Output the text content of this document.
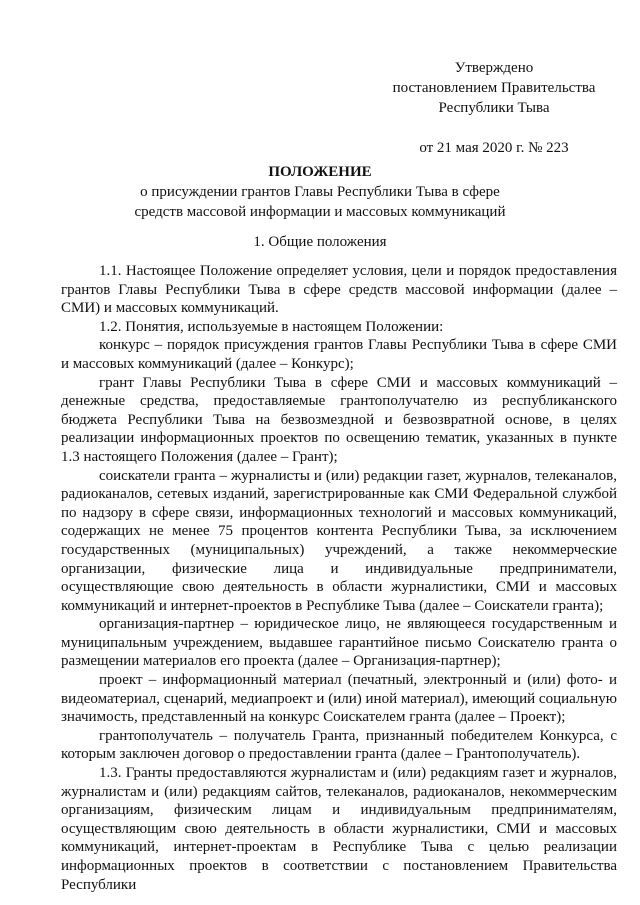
Утверждено
постановлением Правительства
Республики Тыва
от 21 мая 2020 г. № 223
ПОЛОЖЕНИЕ
о присуждении грантов Главы Республики Тыва в сфере
средств массовой информации и массовых коммуникаций
1. Общие положения

1.1. Настоящее Положение определяет условия, цели и порядок предоставления грантов Главы Республики Тыва в сфере средств массовой информации (далее – СМИ) и массовых коммуникаций.

1.2. Понятия, используемые в настоящем Положении:

конкурс – порядок присуждения грантов Главы Республики Тыва в сфере СМИ и массовых коммуникаций (далее – Конкурс);

грант Главы Республики Тыва в сфере СМИ и массовых коммуникаций – денежные средства, предоставляемые грантополучателю из республиканского бюджета Республики Тыва на безвозмездной и безвозвратной основе, в целях реализации информационных проектов по освещению тематик, указанных в пункте 1.3 настоящего Положения (далее – Грант);

соискатели гранта – журналисты и (или) редакции газет, журналов, телеканалов, радиоканалов, сетевых изданий, зарегистрированные как СМИ Федеральной службой по надзору в сфере связи, информационных технологий и массовых коммуникаций, содержащих не менее 75 процентов контента Республики Тыва, за исключением государственных (муниципальных) учреждений, а также некоммерческие организации, физические лица и индивидуальные предприниматели, осуществляющие свою деятельность в области журналистики, СМИ и массовых коммуникаций и интернет-проектов в Республике Тыва (далее – Соискатели гранта);

организация-партнер – юридическое лицо, не являющееся государственным и муниципальным учреждением, выдавшее гарантийное письмо Соискателю гранта о размещении материалов его проекта (далее – Организация-партнер);

проект – информационный материал (печатный, электронный и (или) фото- и видеоматериал, сценарий, медиапроект и (или) иной материал), имеющий социальную значимость, представленный на конкурс Соискателем гранта (далее – Проект);

грантополучатель – получатель Гранта, признанный победителем Конкурса, с которым заключен договор о предоставлении гранта (далее – Грантополучатель).

1.3. Гранты предоставляются журналистам и (или) редакциям газет и журналов, журналистам и (или) редакциям сайтов, телеканалов, радиоканалов, некоммерческим организациям, физическим лицам и индивидуальным предпринимателям, осуществляющим свою деятельность в области журналистики, СМИ и массовых коммуникаций, интернет-проектам в Республике Тыва с целью реализации информационных проектов в соответствии с постановлением Правительства Республики
